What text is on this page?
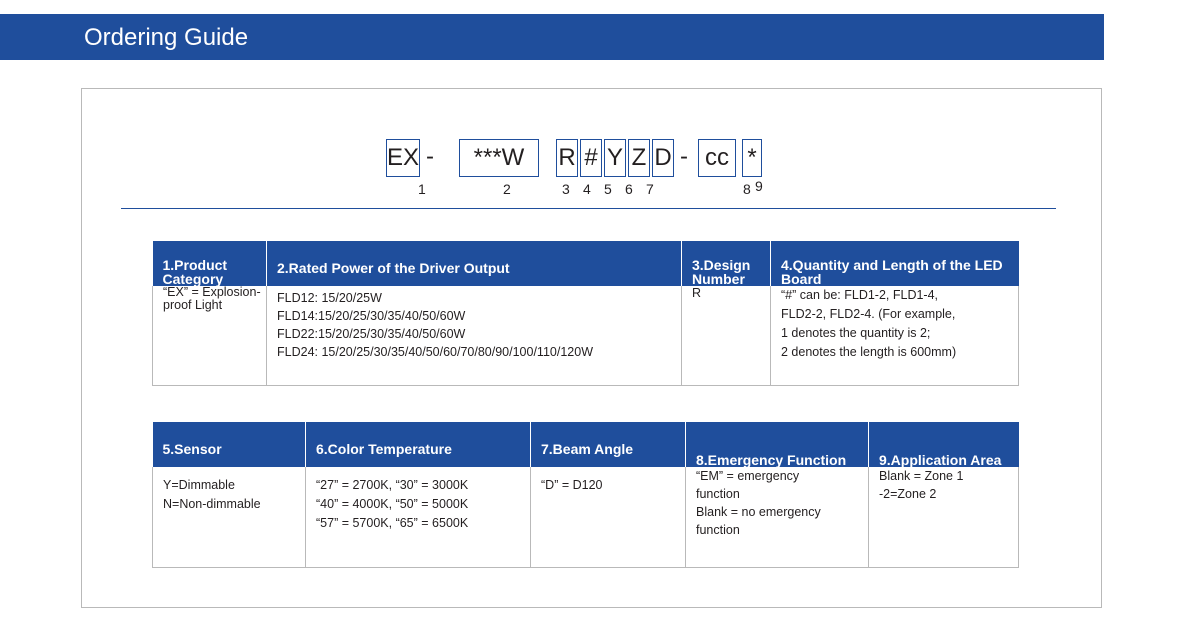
Ordering Guide
EX -	***W	R # Y Z D - cc *
1	2	3 4 5 6 7	8 9
1.Product Category	2.Rated Power of the Driver Output	3.Design Number	4.Quantity and Length of the LED Board
“EX” = Explosion-proof Light	FLD12: 15/20/25W
FLD14:15/20/25/30/35/40/50/60W
FLD22:15/20/25/30/35/40/50/60W
FLD24: 15/20/25/30/35/40/50/60/70/80/90/100/110/120W	R	“#” can be: FLD1-2, FLD1-4,
FLD2-2, FLD2-4. (For example,
1 denotes the quantity is 2;
2 denotes the length is 600mm)
5.Sensor	6.Color Temperature	7.Beam Angle	8.Emergency Function	9.Application Area

Y=Dimmable
N=Non-dimmable	“27” = 2700K, “30” = 3000K
“40” = 4000K, “50” = 5000K
“57” = 5700K, “65” = 6500K	“D” = D120	“EM” = emergency
function
Blank = no emergency
function	Blank = Zone 1
-2=Zone 2
